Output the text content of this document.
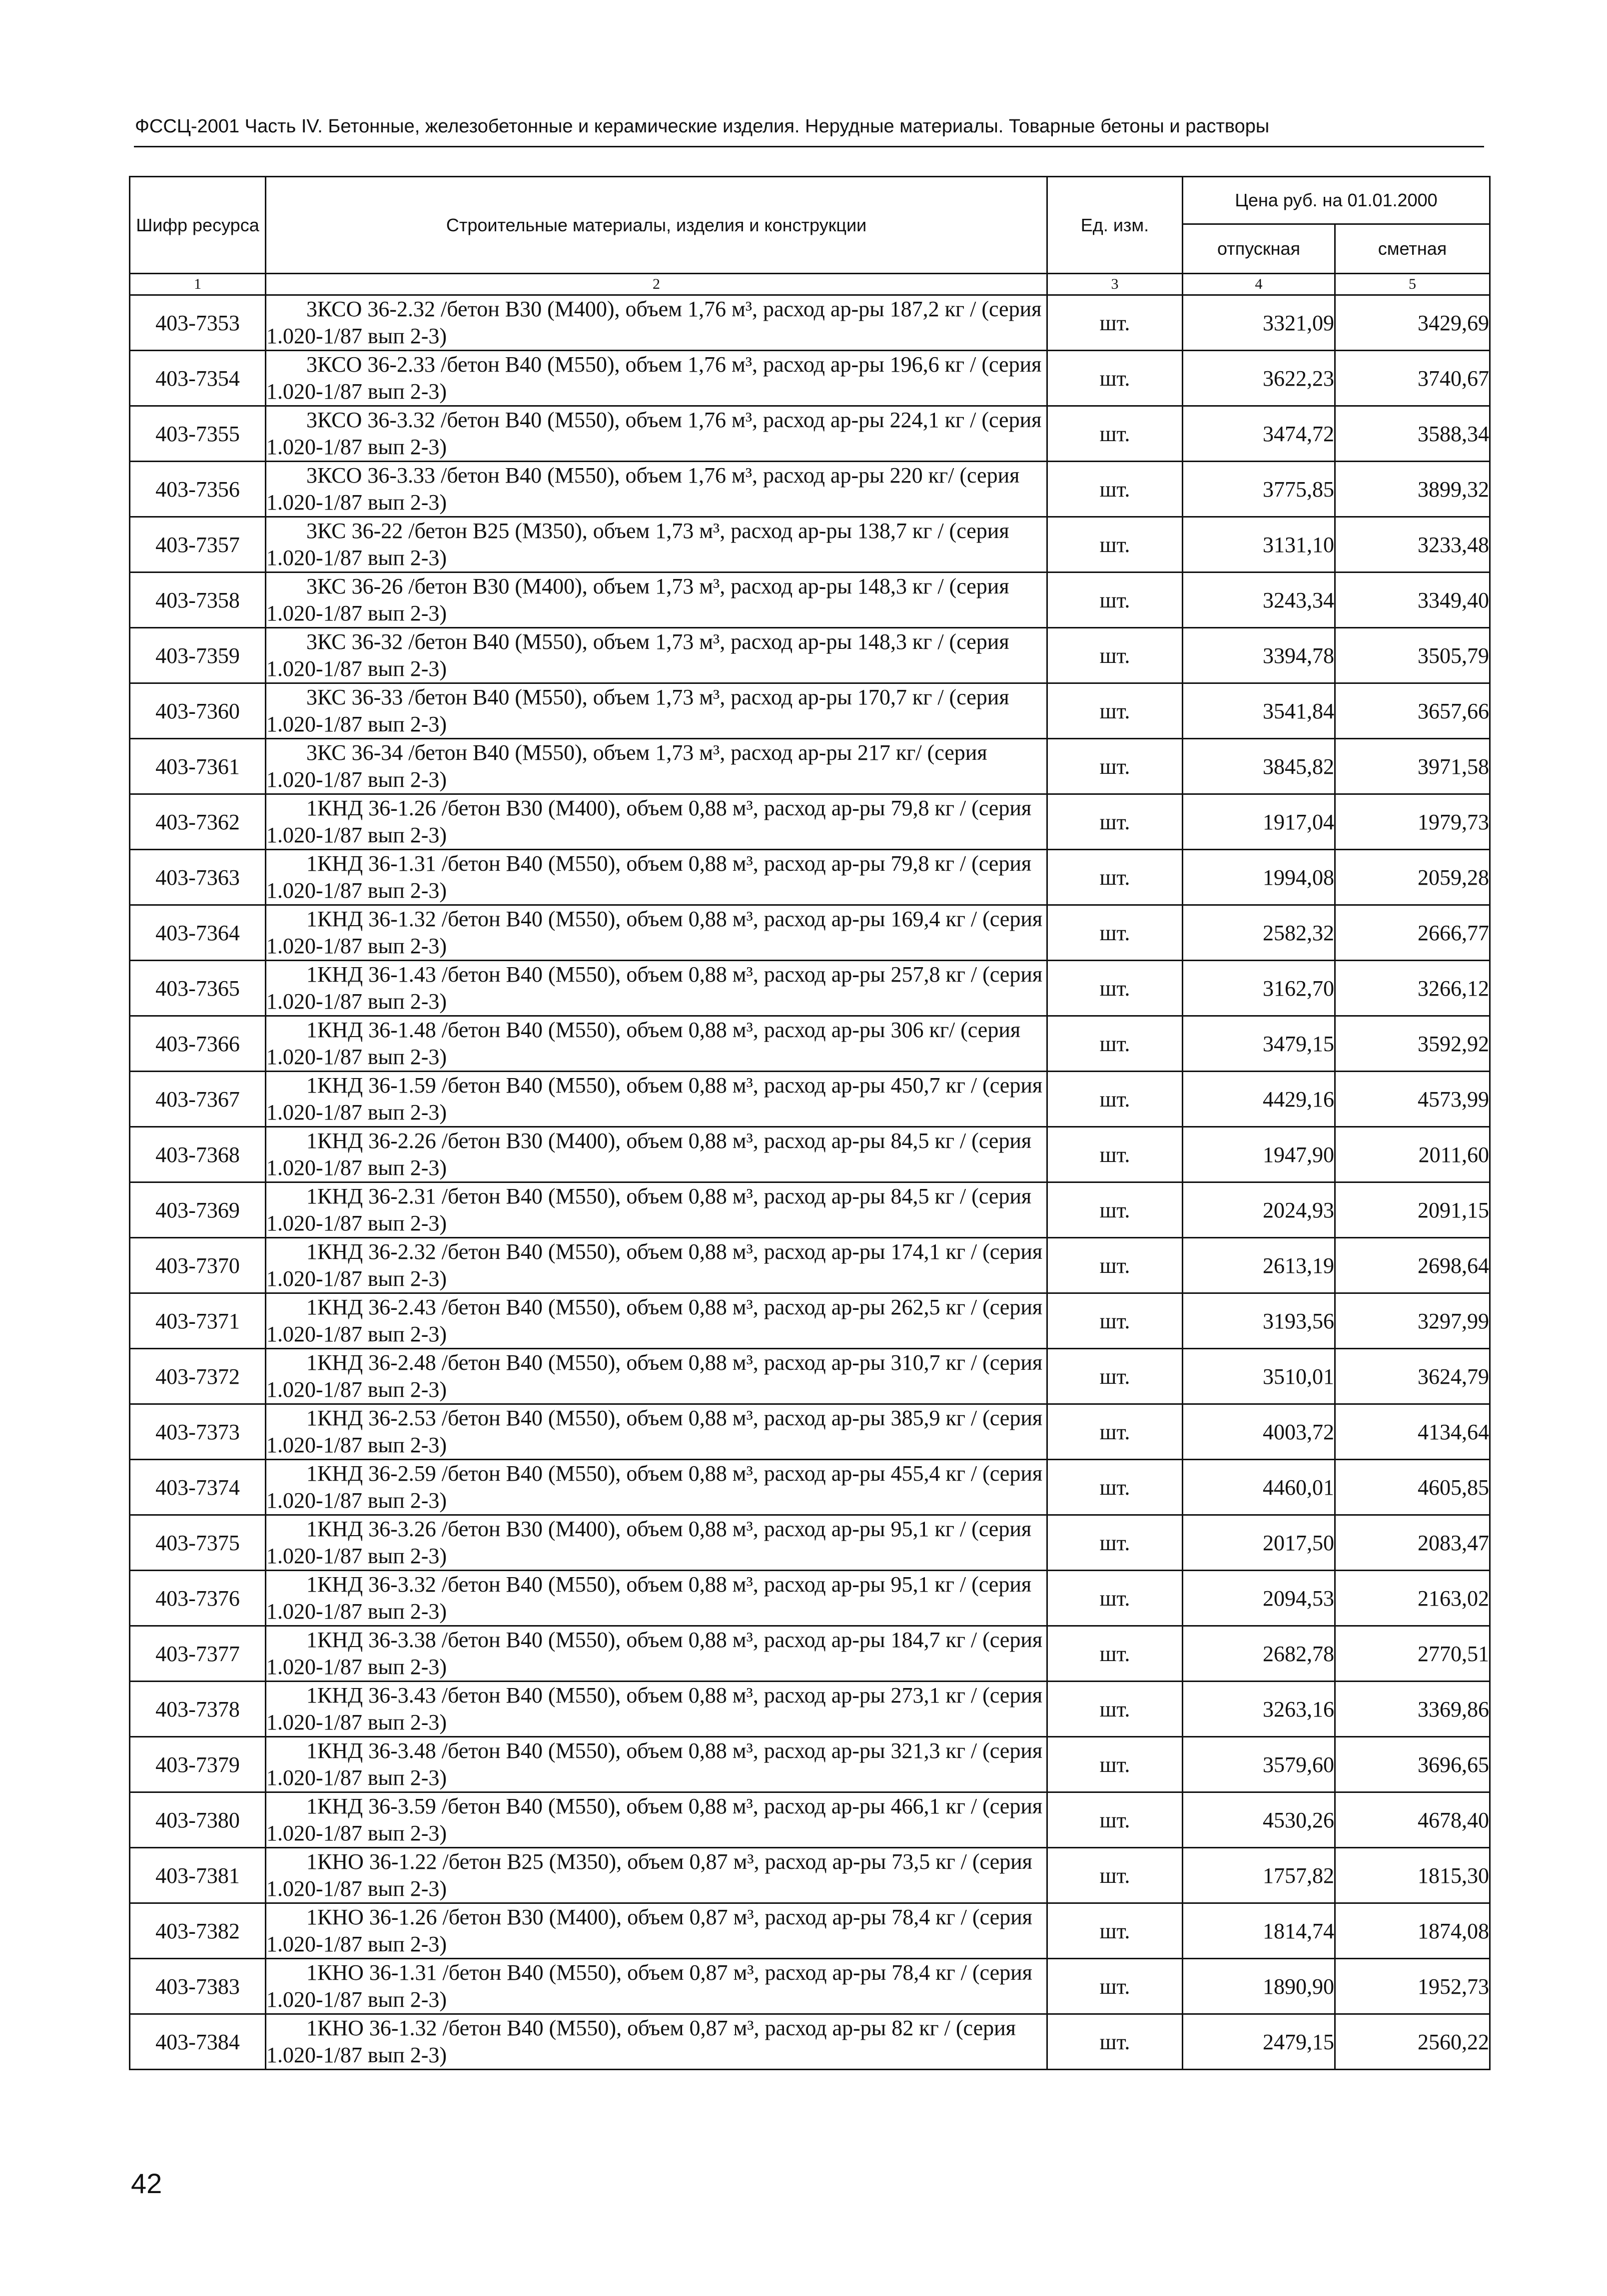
ФССЦ-2001 Часть IV. Бетонные, железобетонные и керамические изделия. Нерудные материалы. Товарные бетоны и растворы
Шифр ресурса	Строительные материалы, изделия и конструкции	Ед. изм.	Цена руб. на 01.01.2000	
			отпускная	сметная
1	2	3	4	5
403-7353	3КСО 36-2.32 /бетон В30 (М400), объем 1,76 м³, расход ар-ры 187,2 кг / (серия 1.020-1/87 вып 2-3)	шт.	3321,09	3429,69
403-7354	3КСО 36-2.33 /бетон В40 (М550), объем 1,76 м³, расход ар-ры 196,6 кг / (серия 1.020-1/87 вып 2-3)	шт.	3622,23	3740,67
403-7355	3КСО 36-3.32 /бетон В40 (М550), объем 1,76 м³, расход ар-ры 224,1 кг / (серия 1.020-1/87 вып 2-3)	шт.	3474,72	3588,34
403-7356	3КСО 36-3.33 /бетон В40 (М550), объем 1,76 м³, расход ар-ры 220 кг/ (серия 1.020-1/87 вып 2-3)	шт.	3775,85	3899,32
403-7357	3КС 36-22 /бетон В25 (М350), объем 1,73 м³, расход ар-ры 138,7 кг / (серия 1.020-1/87 вып 2-3)	шт.	3131,10	3233,48
403-7358	3КС 36-26 /бетон В30 (М400), объем 1,73 м³, расход ар-ры 148,3 кг / (серия 1.020-1/87 вып 2-3)	шт.	3243,34	3349,40
403-7359	3КС 36-32 /бетон В40 (М550), объем 1,73 м³, расход ар-ры 148,3 кг / (серия 1.020-1/87 вып 2-3)	шт.	3394,78	3505,79
403-7360	3КС 36-33 /бетон В40 (М550), объем 1,73 м³, расход ар-ры 170,7 кг / (серия 1.020-1/87 вып 2-3)	шт.	3541,84	3657,66
403-7361	3КС 36-34 /бетон В40 (М550), объем 1,73 м³, расход ар-ры 217 кг/ (серия 1.020-1/87 вып 2-3)	шт.	3845,82	3971,58
403-7362	1КНД 36-1.26 /бетон В30 (М400), объем 0,88 м³, расход ар-ры 79,8 кг / (серия 1.020-1/87 вып 2-3)	шт.	1917,04	1979,73
403-7363	1КНД 36-1.31 /бетон В40 (М550), объем 0,88 м³, расход ар-ры 79,8 кг / (серия 1.020-1/87 вып 2-3)	шт.	1994,08	2059,28
403-7364	1КНД 36-1.32 /бетон В40 (М550), объем 0,88 м³, расход ар-ры 169,4 кг / (серия 1.020-1/87 вып 2-3)	шт.	2582,32	2666,77
403-7365	1КНД 36-1.43 /бетон В40 (М550), объем 0,88 м³, расход ар-ры 257,8 кг / (серия 1.020-1/87 вып 2-3)	шт.	3162,70	3266,12
403-7366	1КНД 36-1.48 /бетон В40 (М550), объем 0,88 м³, расход ар-ры 306 кг/ (серия 1.020-1/87 вып 2-3)	шт.	3479,15	3592,92
403-7367	1КНД 36-1.59 /бетон В40 (М550), объем 0,88 м³, расход ар-ры 450,7 кг / (серия 1.020-1/87 вып 2-3)	шт.	4429,16	4573,99
403-7368	1КНД 36-2.26 /бетон В30 (М400), объем 0,88 м³, расход ар-ры 84,5 кг / (серия 1.020-1/87 вып 2-3)	шт.	1947,90	2011,60
403-7369	1КНД 36-2.31 /бетон В40 (М550), объем 0,88 м³, расход ар-ры 84,5 кг / (серия 1.020-1/87 вып 2-3)	шт.	2024,93	2091,15
403-7370	1КНД 36-2.32 /бетон В40 (М550), объем 0,88 м³, расход ар-ры 174,1 кг / (серия 1.020-1/87 вып 2-3)	шт.	2613,19	2698,64
403-7371	1КНД 36-2.43 /бетон В40 (М550), объем 0,88 м³, расход ар-ры 262,5 кг / (серия 1.020-1/87 вып 2-3)	шт.	3193,56	3297,99
403-7372	1КНД 36-2.48 /бетон В40 (М550), объем 0,88 м³, расход ар-ры 310,7 кг / (серия 1.020-1/87 вып 2-3)	шт.	3510,01	3624,79
403-7373	1КНД 36-2.53 /бетон В40 (М550), объем 0,88 м³, расход ар-ры 385,9 кг / (серия 1.020-1/87 вып 2-3)	шт.	4003,72	4134,64
403-7374	1КНД 36-2.59 /бетон В40 (М550), объем 0,88 м³, расход ар-ры 455,4 кг / (серия 1.020-1/87 вып 2-3)	шт.	4460,01	4605,85
403-7375	1КНД 36-3.26 /бетон В30 (М400), объем 0,88 м³, расход ар-ры 95,1 кг / (серия 1.020-1/87 вып 2-3)	шт.	2017,50	2083,47
403-7376	1КНД 36-3.32 /бетон В40 (М550), объем 0,88 м³, расход ар-ры 95,1 кг / (серия 1.020-1/87 вып 2-3)	шт.	2094,53	2163,02
403-7377	1КНД 36-3.38 /бетон В40 (М550), объем 0,88 м³, расход ар-ры 184,7 кг / (серия 1.020-1/87 вып 2-3)	шт.	2682,78	2770,51
403-7378	1КНД 36-3.43 /бетон В40 (М550), объем 0,88 м³, расход ар-ры 273,1 кг / (серия 1.020-1/87 вып 2-3)	шт.	3263,16	3369,86
403-7379	1КНД 36-3.48 /бетон В40 (М550), объем 0,88 м³, расход ар-ры 321,3 кг / (серия 1.020-1/87 вып 2-3)	шт.	3579,60	3696,65
403-7380	1КНД 36-3.59 /бетон В40 (М550), объем 0,88 м³, расход ар-ры 466,1 кг / (серия 1.020-1/87 вып 2-3)	шт.	4530,26	4678,40
403-7381	1КНО 36-1.22 /бетон В25 (М350), объем 0,87 м³, расход ар-ры 73,5 кг / (серия 1.020-1/87 вып 2-3)	шт.	1757,82	1815,30
403-7382	1КНО 36-1.26 /бетон В30 (М400), объем 0,87 м³, расход ар-ры 78,4 кг / (серия 1.020-1/87 вып 2-3)	шт.	1814,74	1874,08
403-7383	1КНО 36-1.31 /бетон В40 (М550), объем 0,87 м³, расход ар-ры 78,4 кг / (серия 1.020-1/87 вып 2-3)	шт.	1890,90	1952,73
403-7384	1КНО 36-1.32 /бетон В40 (М550), объем 0,87 м³, расход ар-ры 82 кг / (серия 1.020-1/87 вып 2-3)	шт.	2479,15	2560,22
42
